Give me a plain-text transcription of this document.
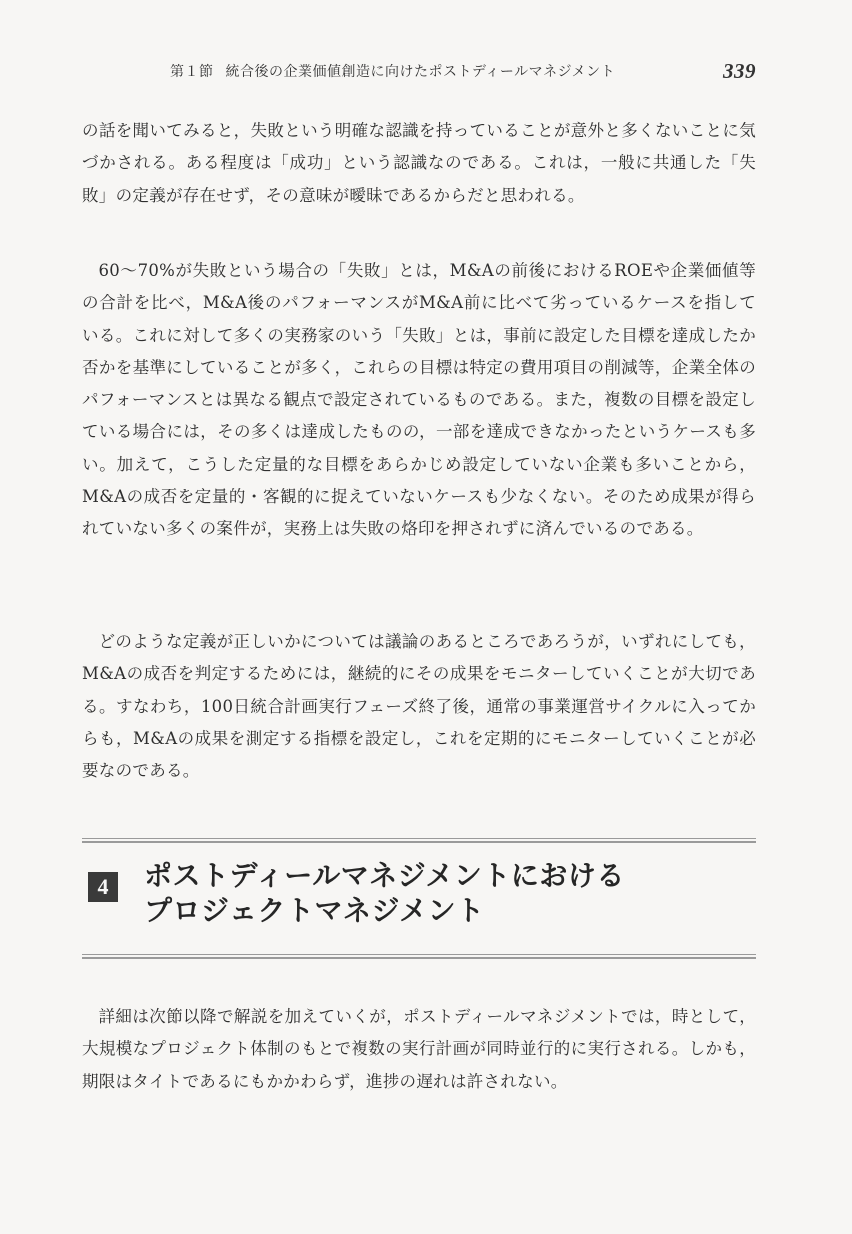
第１節 統合後の企業価値創造に向けたポストディールマネジメント	339

の話を聞いてみると，失敗という明確な認識を持っていることが意外と多くないことに気づかされる。ある程度は「成功」という認識なのである。これは，一般に共通した「失敗」の定義が存在せず，その意味が曖昧であるからだと思われる。

60〜70%が失敗という場合の「失敗」とは，M&Aの前後におけるROEや企業価値等の合計を比べ，M&A後のパフォーマンスがM&A前に比べて劣っているケースを指している。これに対して多くの実務家のいう「失敗」とは，事前に設定した目標を達成したか否かを基準にしていることが多く，これらの目標は特定の費用項目の削減等，企業全体のパフォーマンスとは異なる観点で設定されているものである。また，複数の目標を設定している場合には，その多くは達成したものの，一部を達成できなかったというケースも多い。加えて，こうした定量的な目標をあらかじめ設定していない企業も多いことから，M&Aの成否を定量的・客観的に捉えていないケースも少なくない。そのため成果が得られていない多くの案件が，実務上は失敗の烙印を押されずに済んでいるのである。

どのような定義が正しいかについては議論のあるところであろうが，いずれにしても，M&Aの成否を判定するためには，継続的にその成果をモニターしていくことが大切である。すなわち，100日統合計画実行フェーズ終了後，通常の事業運営サイクルに入ってからも，M&Aの成果を測定する指標を設定し，これを定期的にモニターしていくことが必要なのである。

4	ポストディールマネジメントにおける
プロジェクトマネジメント

詳細は次節以降で解説を加えていくが，ポストディールマネジメントでは，時として，大規模なプロジェクト体制のもとで複数の実行計画が同時並行的に実行される。しかも，期限はタイトであるにもかかわらず，進捗の遅れは許されない。
